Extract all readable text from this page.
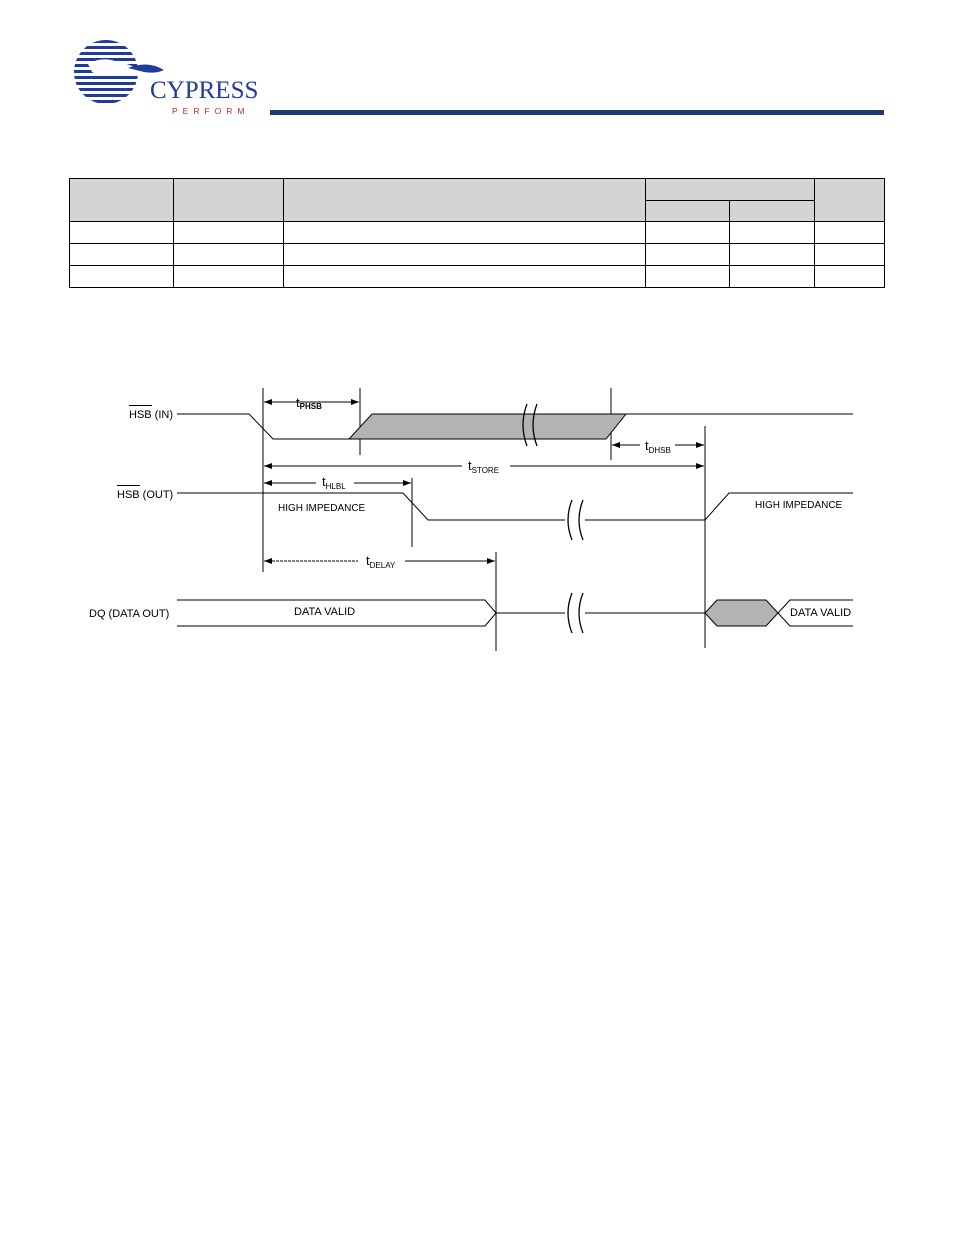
CYPRESS
PERFORM

HSB (IN)
HSB (OUT)
DQ (DATA OUT)
HIGH IMPEDANCE	HIGH IMPEDANCE
DATA VALID	DATA VALID
tPHSB
$t_{DHSB}$
$t_{STORE}$
$t_{HLBL}$
$t_{DELAY}$
